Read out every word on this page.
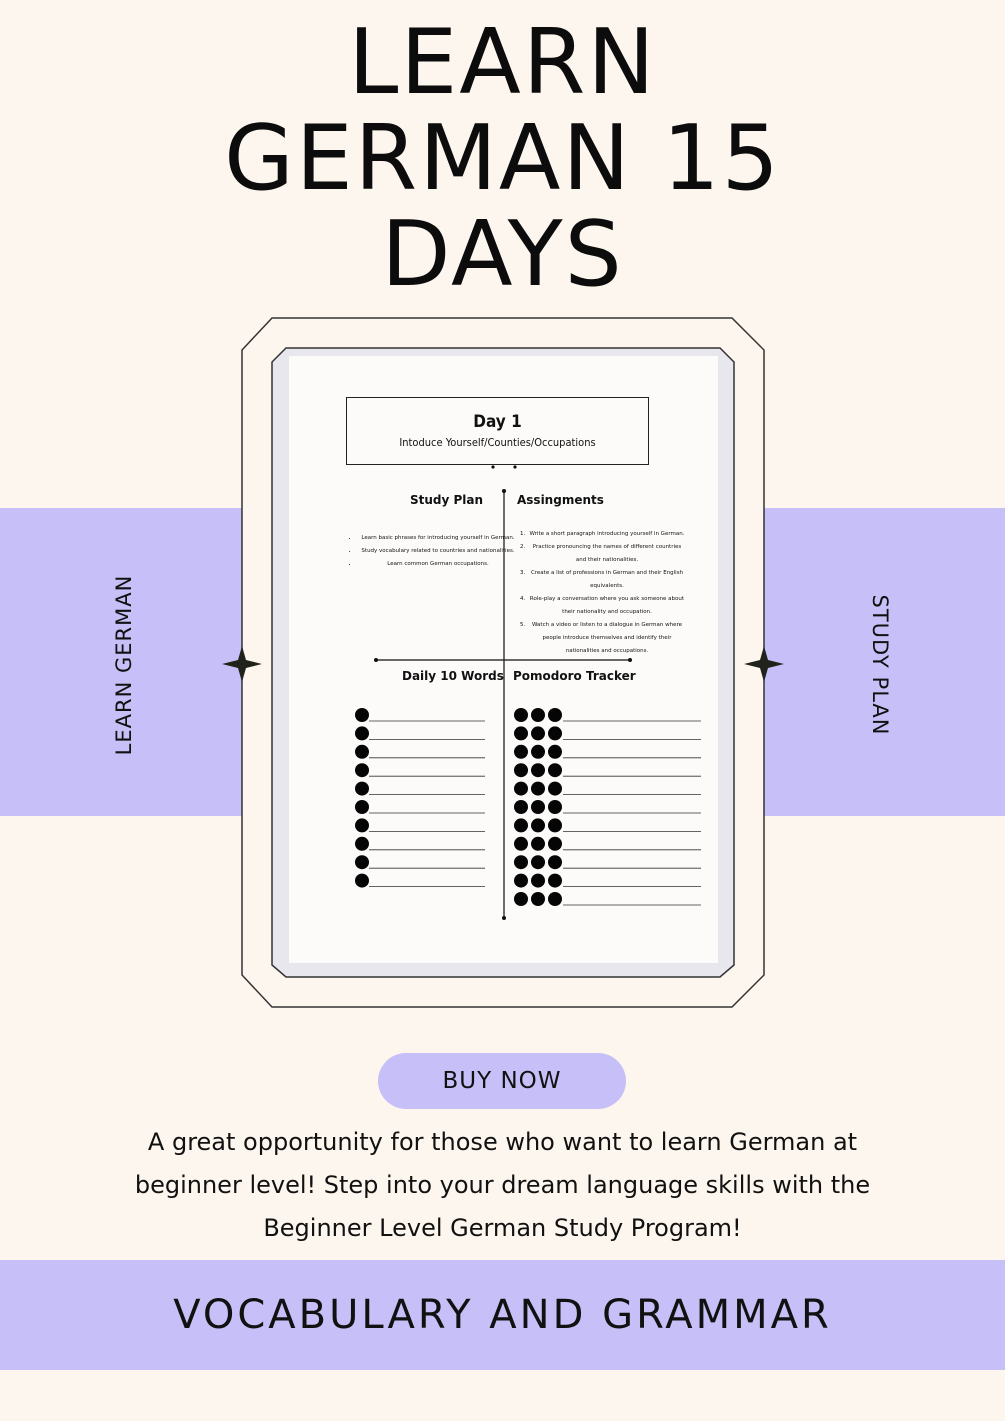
LEARN
GERMAN 15
DAYS
LEARN GERMAN	STUDY PLAN
Day 1
Intoduce Yourself/Counties/Occupations
Study Plan
• Learn basic phrases for introducing yourself in German.
• Study vocabulary related to countries and nationalities.
• Learn common German occupations.
Assingments
1. Write a short paragraph introducing yourself in German.
2. Practice pronouncing the names of different countries and their nationalities.
3. Create a list of professions in German and their English equivalents.
4. Role-play a conversation where you ask someone about their nationality and occupation.
5. Watch a video or listen to a dialogue in German where people introduce themselves and identify their nationalities and occupations.
Daily 10 Words Pomodoro Tracker
BUY NOW
A great opportunity for those who want to learn German at
beginner level! Step into your dream language skills with the
Beginner Level German Study Program!
VOCABULARY AND GRAMMAR
